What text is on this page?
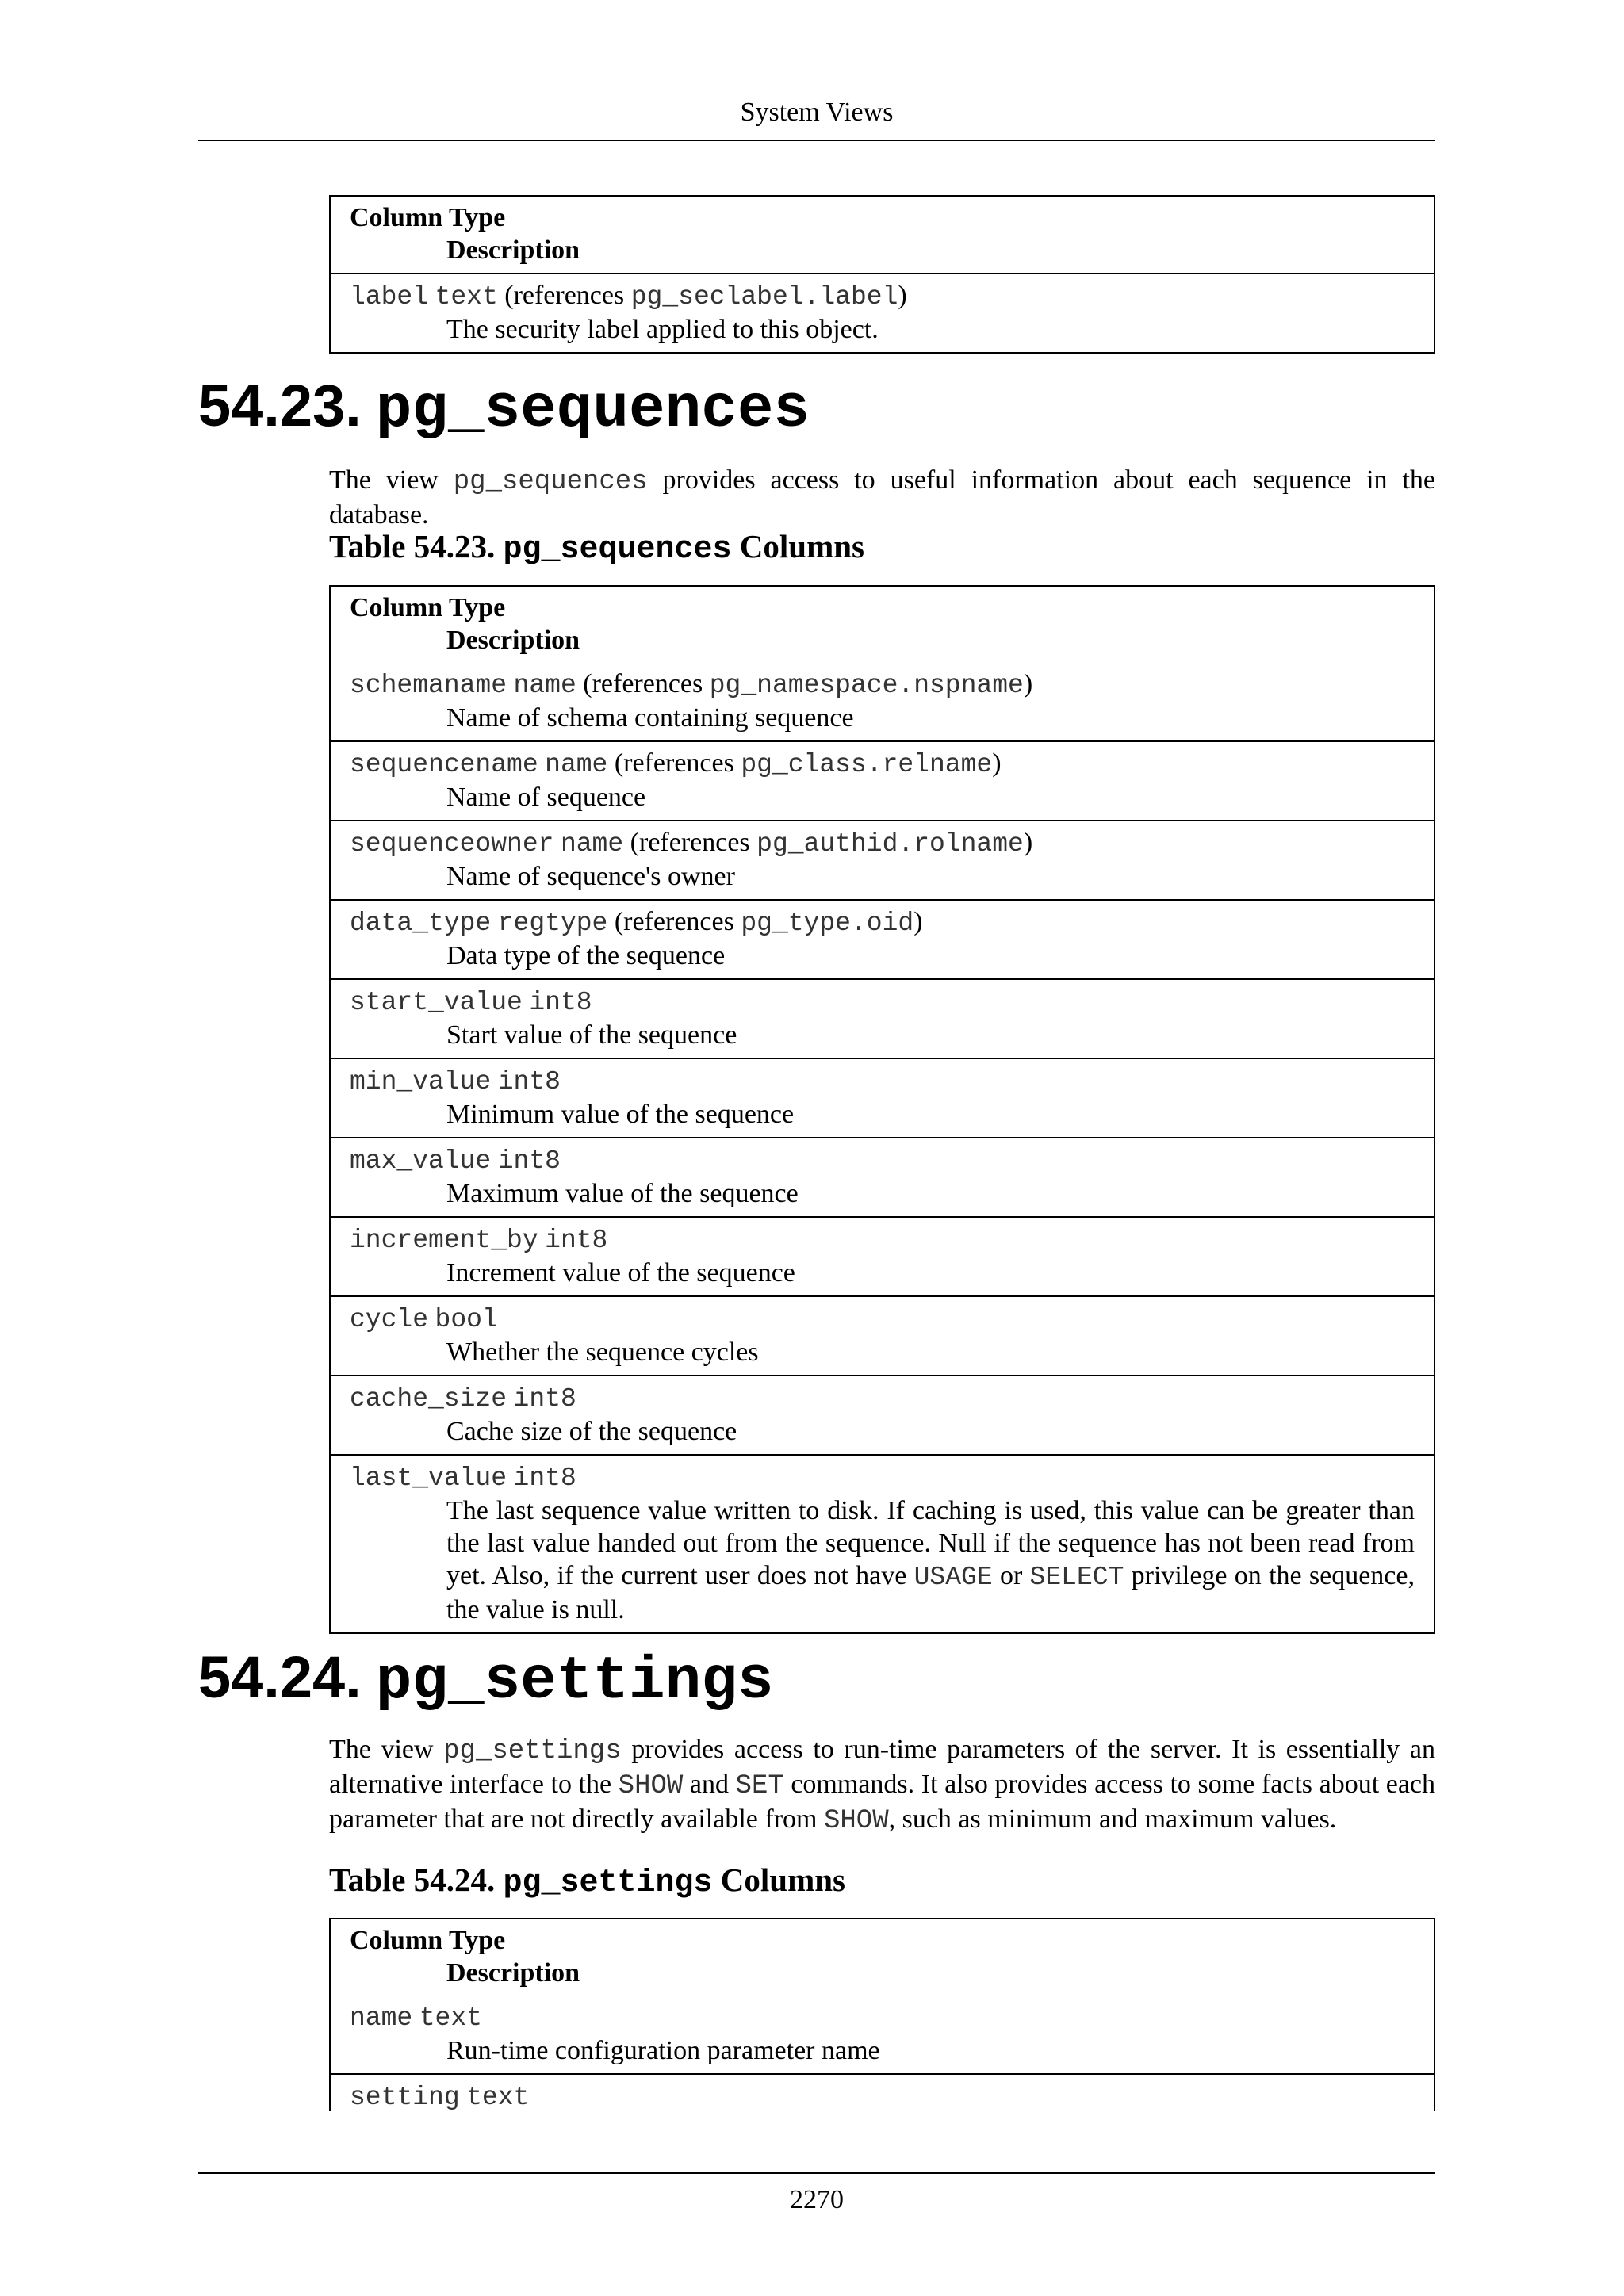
System Views
Column Type
Description
label text (references pg_seclabel.label)
The security label applied to this object.
54.23. pg_sequences

The view pg_sequences provides access to useful information about each sequence in the database.

Table 54.23. pg_sequences Columns
Column Type
Description
schemaname name (references pg_namespace.nspname)
Name of schema containing sequence
sequencename name (references pg_class.relname)
Name of sequence
sequenceowner name (references pg_authid.rolname)
Name of sequence's owner
data_type regtype (references pg_type.oid)
Data type of the sequence
start_value int8
Start value of the sequence
min_value int8
Minimum value of the sequence
max_value int8
Maximum value of the sequence
increment_by int8
Increment value of the sequence
cycle bool
Whether the sequence cycles
cache_size int8
Cache size of the sequence
last_value int8
The last sequence value written to disk. If caching is used, this value can be greater than the last value handed out from the sequence. Null if the sequence has not been read from yet. Also, if the current user does not have USAGE or SELECT privilege on the sequence, the value is null.
54.24. pg_settings

The view pg_settings provides access to run-time parameters of the server. It is essentially an alternative interface to the SHOW and SET commands. It also provides access to some facts about each parameter that are not directly available from SHOW, such as minimum and maximum values.

Table 54.24. pg_settings Columns
Column Type
Description
name text
Run-time configuration parameter name
setting text
2270
